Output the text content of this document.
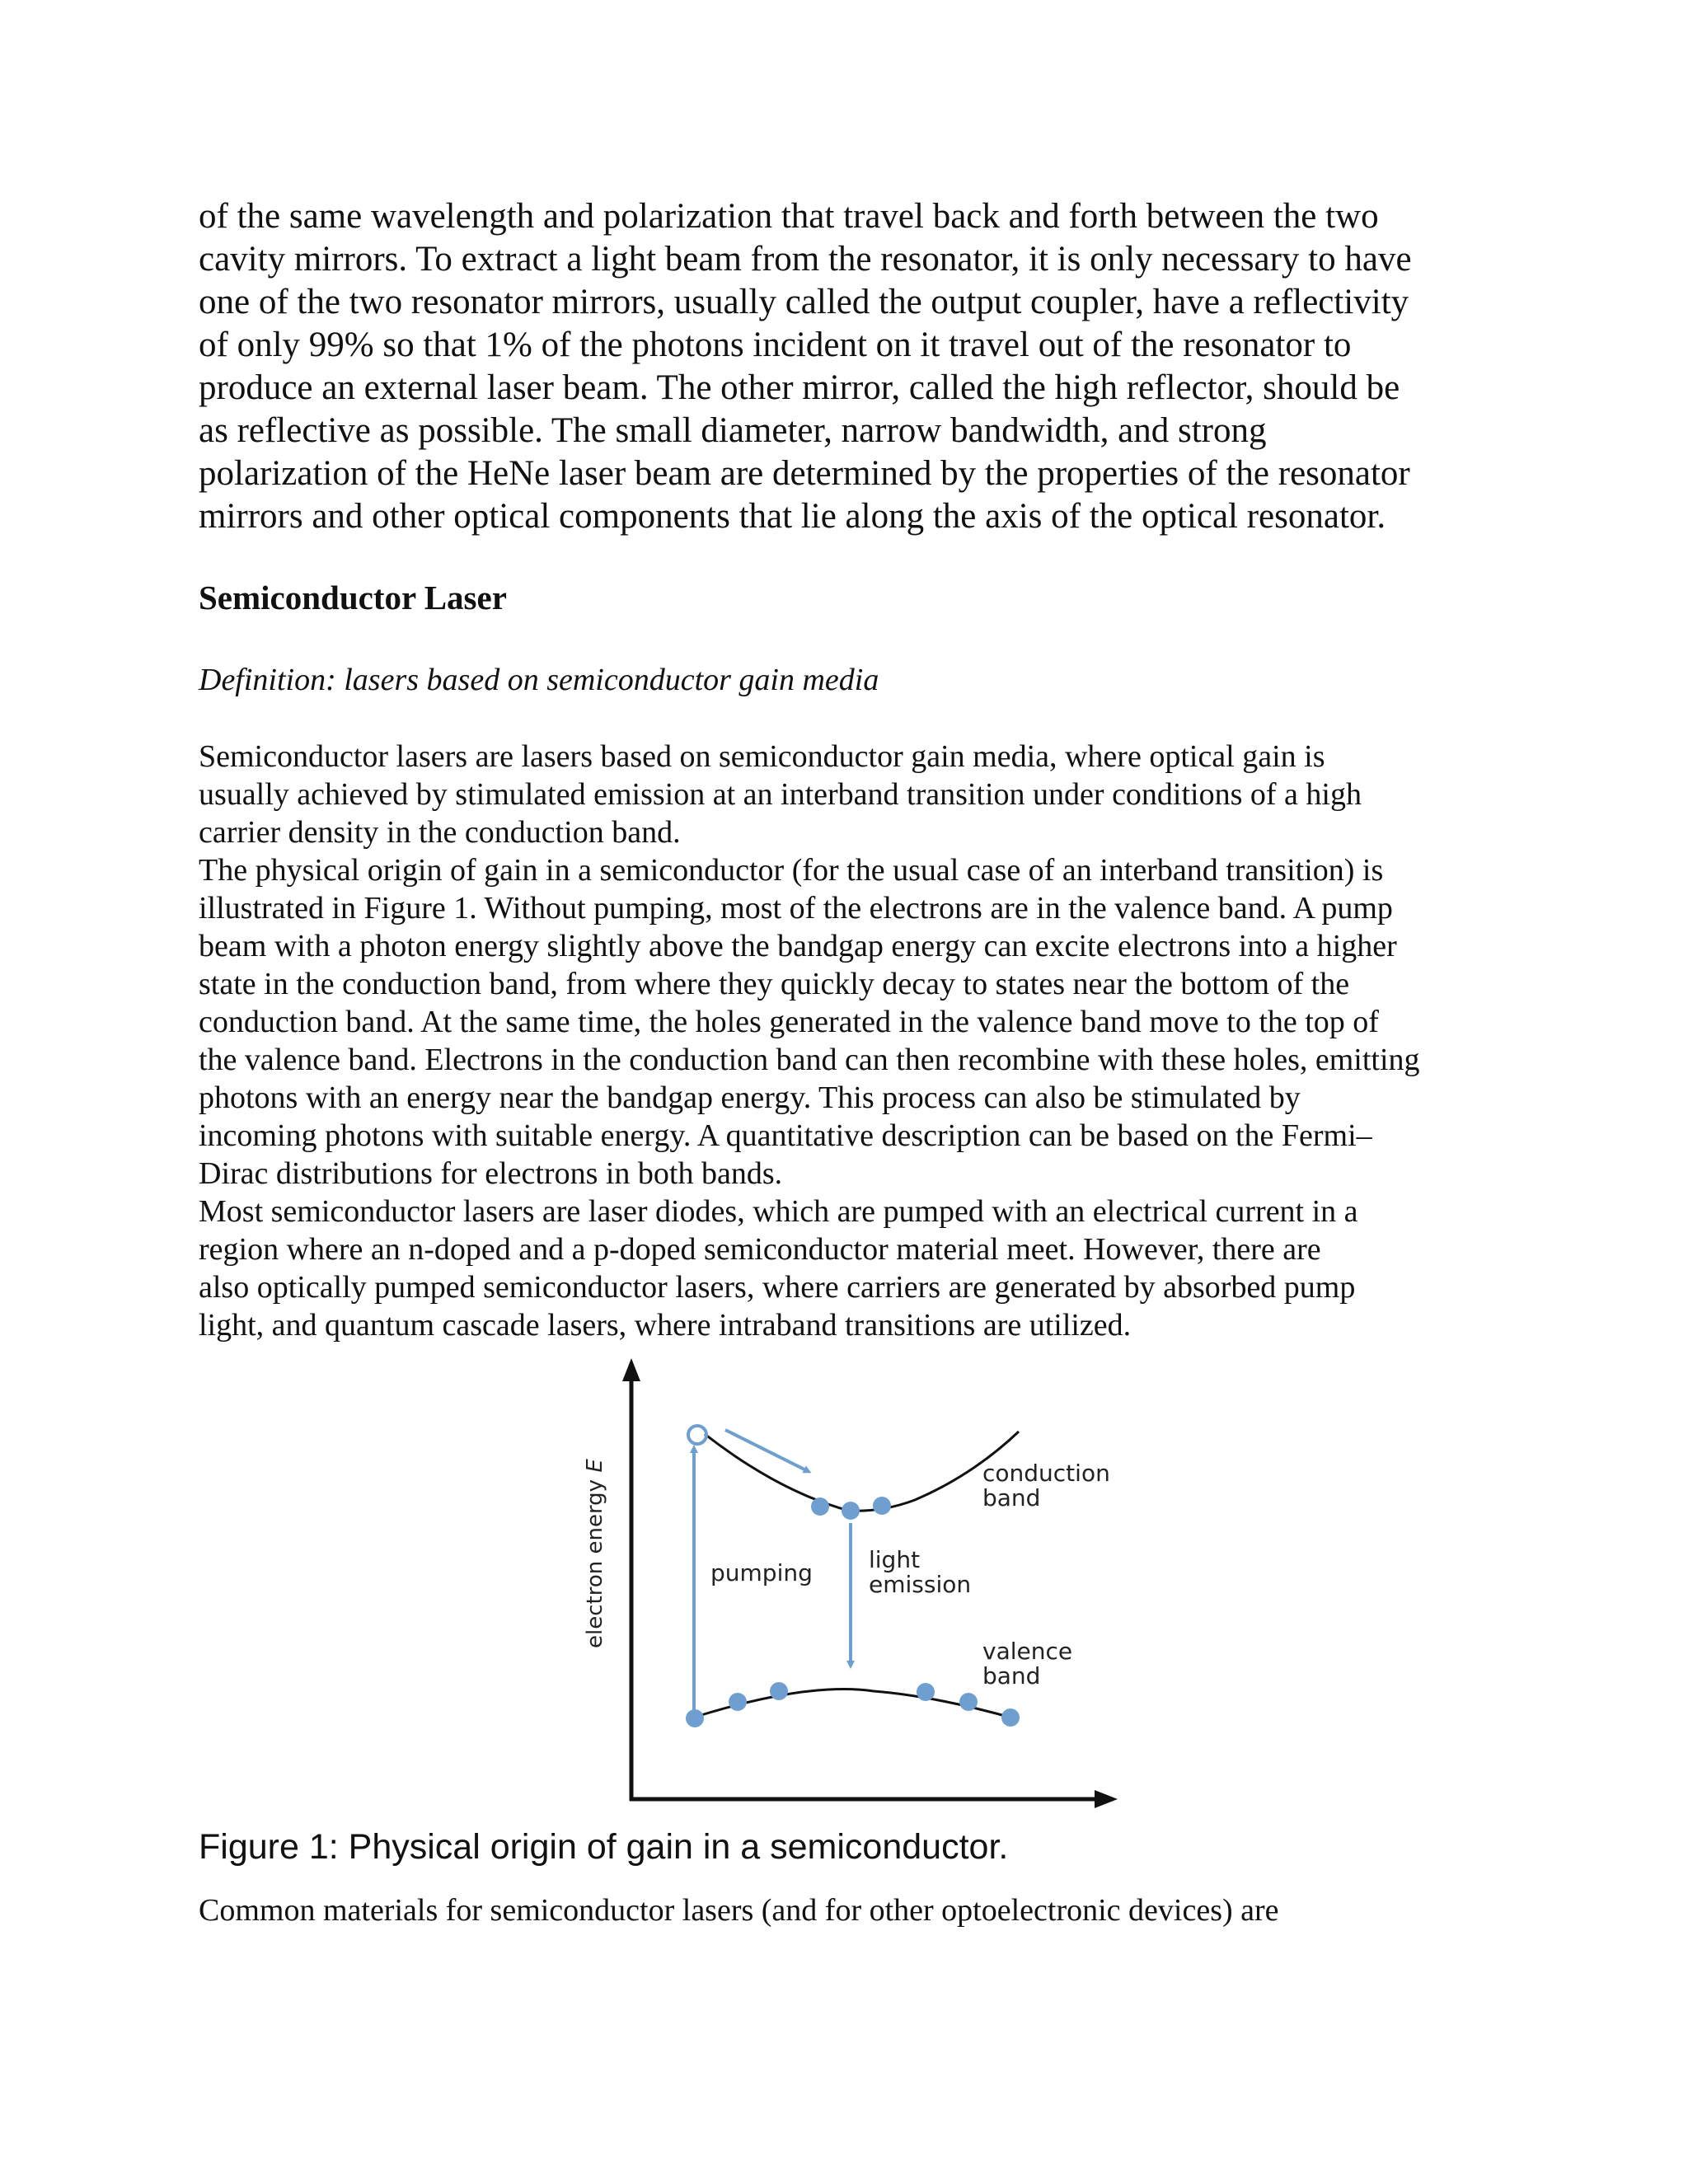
of the same wavelength and polarization that travel back and forth between the two
cavity mirrors. To extract a light beam from the resonator, it is only necessary to have
one of the two resonator mirrors, usually called the output coupler, have a reflectivity
of only 99% so that 1% of the photons incident on it travel out of the resonator to
produce an external laser beam. The other mirror, called the high reflector, should be
as reflective as possible. The small diameter, narrow bandwidth, and strong
polarization of the HeNe laser beam are determined by the properties of the resonator
mirrors and other optical components that lie along the axis of the optical resonator.
Semiconductor Laser

Definition: lasers based on semiconductor gain media

Semiconductor lasers are lasers based on semiconductor gain media, where optical gain is
usually achieved by stimulated emission at an interband transition under conditions of a high
carrier density in the conduction band.
The physical origin of gain in a semiconductor (for the usual case of an interband transition) is
illustrated in Figure 1. Without pumping, most of the electrons are in the valence band. A pump
beam with a photon energy slightly above the bandgap energy can excite electrons into a higher
state in the conduction band, from where they quickly decay to states near the bottom of the
conduction band. At the same time, the holes generated in the valence band move to the top of
the valence band. Electrons in the conduction band can then recombine with these holes, emitting
photons with an energy near the bandgap energy. This process can also be stimulated by
incoming photons with suitable energy. A quantitative description can be based on the Fermi–
Dirac distributions for electrons in both bands.
Most semiconductor lasers are laser diodes, which are pumped with an electrical current in a
region where an n-doped and a p-doped semiconductor material meet. However, there are
also optically pumped semiconductor lasers, where carriers are generated by absorbed pump
light, and quantum cascade lasers, where intraband transitions are utilized.
electron energy E	conduction
band
pumping light
emission
valence
band

Figure 1: Physical origin of gain in a semiconductor.

Common materials for semiconductor lasers (and for other optoelectronic devices) are
